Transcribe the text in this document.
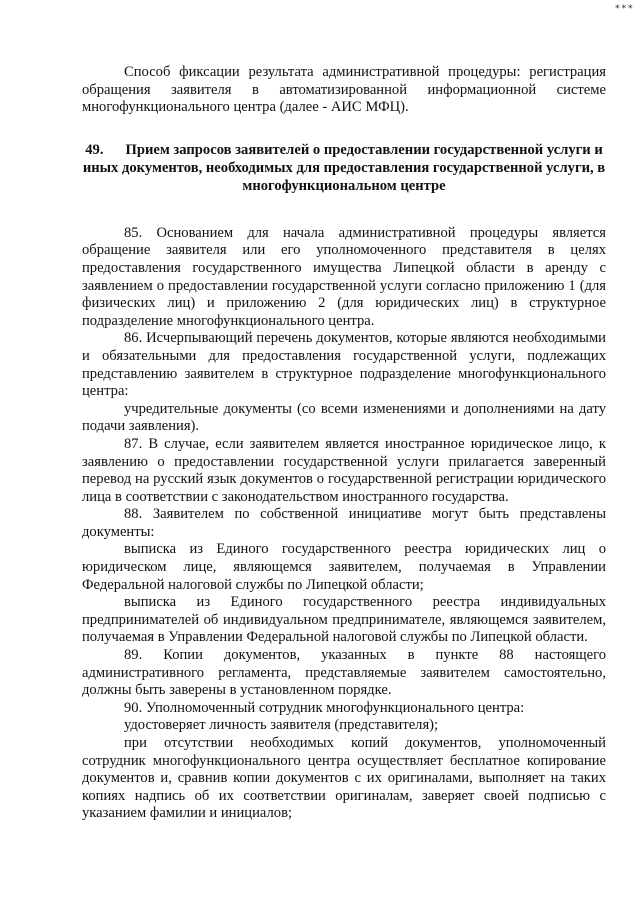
***

Способ фиксации результата административной процедуры: регистрация обращения заявителя в автоматизированной информационной системе многофункционального центра (далее - АИС МФЦ).

49. Прием запросов заявителей о предоставлении государственной услуги и иных документов, необходимых для предоставления государственной услуги, в многофункциональном центре

85. Основанием для начала административной процедуры является обращение заявителя или его уполномоченного представителя в целях предоставления государственного имущества Липецкой области в аренду с заявлением о предоставлении государственной услуги согласно приложению 1 (для физических лиц) и приложению 2 (для юридических лиц) в структурное подразделение многофункционального центра.

86. Исчерпывающий перечень документов, которые являются необходимыми и обязательными для предоставления государственной услуги, подлежащих представлению заявителем в структурное подразделение многофункционального центра:

учредительные документы (со всеми изменениями и дополнениями на дату подачи заявления).

87. В случае, если заявителем является иностранное юридическое лицо, к заявлению о предоставлении государственной услуги прилагается заверенный перевод на русский язык документов о государственной регистрации юридического лица в соответствии с законодательством иностранного государства.

88. Заявителем по собственной инициативе могут быть представлены документы:

выписка из Единого государственного реестра юридических лиц о юридическом лице, являющемся заявителем, получаемая в Управлении Федеральной налоговой службы по Липецкой области;

выписка из Единого государственного реестра индивидуальных предпринимателей об индивидуальном предпринимателе, являющемся заявителем, получаемая в Управлении Федеральной налоговой службы по Липецкой области.

89. Копии документов, указанных в пункте 88 настоящего административного регламента, представляемые заявителем самостоятельно, должны быть заверены в установленном порядке.

90. Уполномоченный сотрудник многофункционального центра:

удостоверяет личность заявителя (представителя);

при отсутствии необходимых копий документов, уполномоченный сотрудник многофункционального центра осуществляет бесплатное копирование документов и, сравнив копии документов с их оригиналами, выполняет на таких копиях надпись об их соответствии оригиналам, заверяет своей подписью с указанием фамилии и инициалов;
